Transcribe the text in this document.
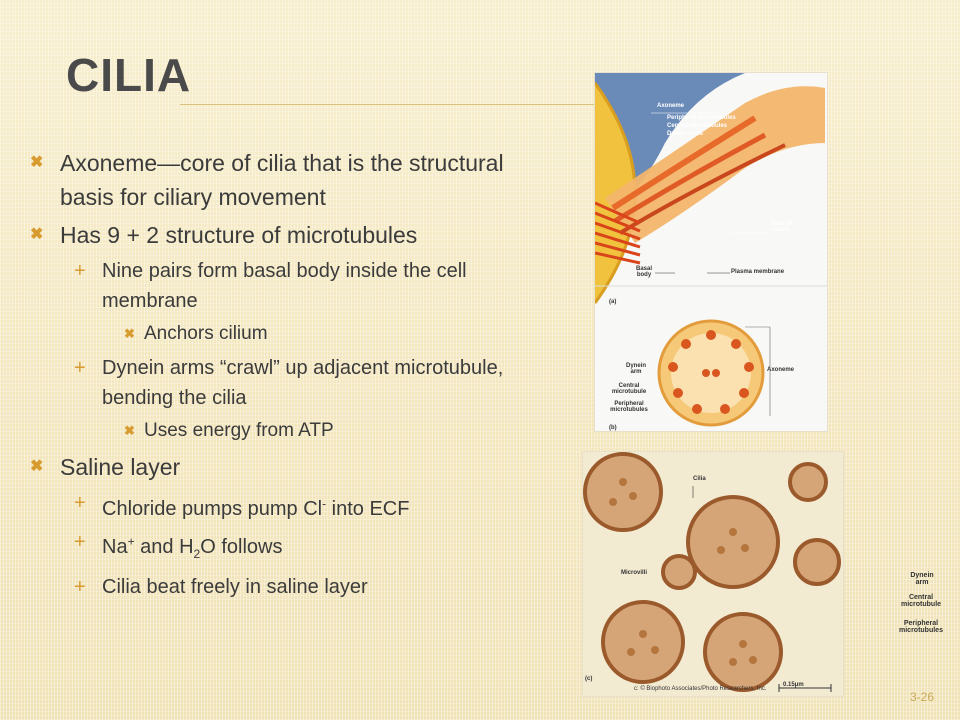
CILIA
✖ Axoneme—core of cilia that is the structural basis for ciliary movement
✖ Has 9 + 2 structure of microtubules
+ Nine pairs form basal body inside the cell membrane
✖ Anchors cilium
+ Dynein arms “crawl” up adjacent microtubule, bending the cilia
✖ Uses energy from ATP
✖ Saline layer
+ Chloride pumps pump Cl- into ECF
+ Na+ and $H_2O$ follows
+ Cilia beat freely in saline layer
Axoneme
Peripheral microtubules
Central microtubules
Dynein arms
Shaft of cilium
Basal body	Plasma membrane
(a)
Dynein arm
Central microtubule
Peripheral microtubules
Axoneme
(b)
Cilia
Microvilli
(c)
0.15μm
Dynein arm
Central microtubule
Peripheral microtubules
c: © Biophoto Associates/Photo Researchers, Inc.
3-26
